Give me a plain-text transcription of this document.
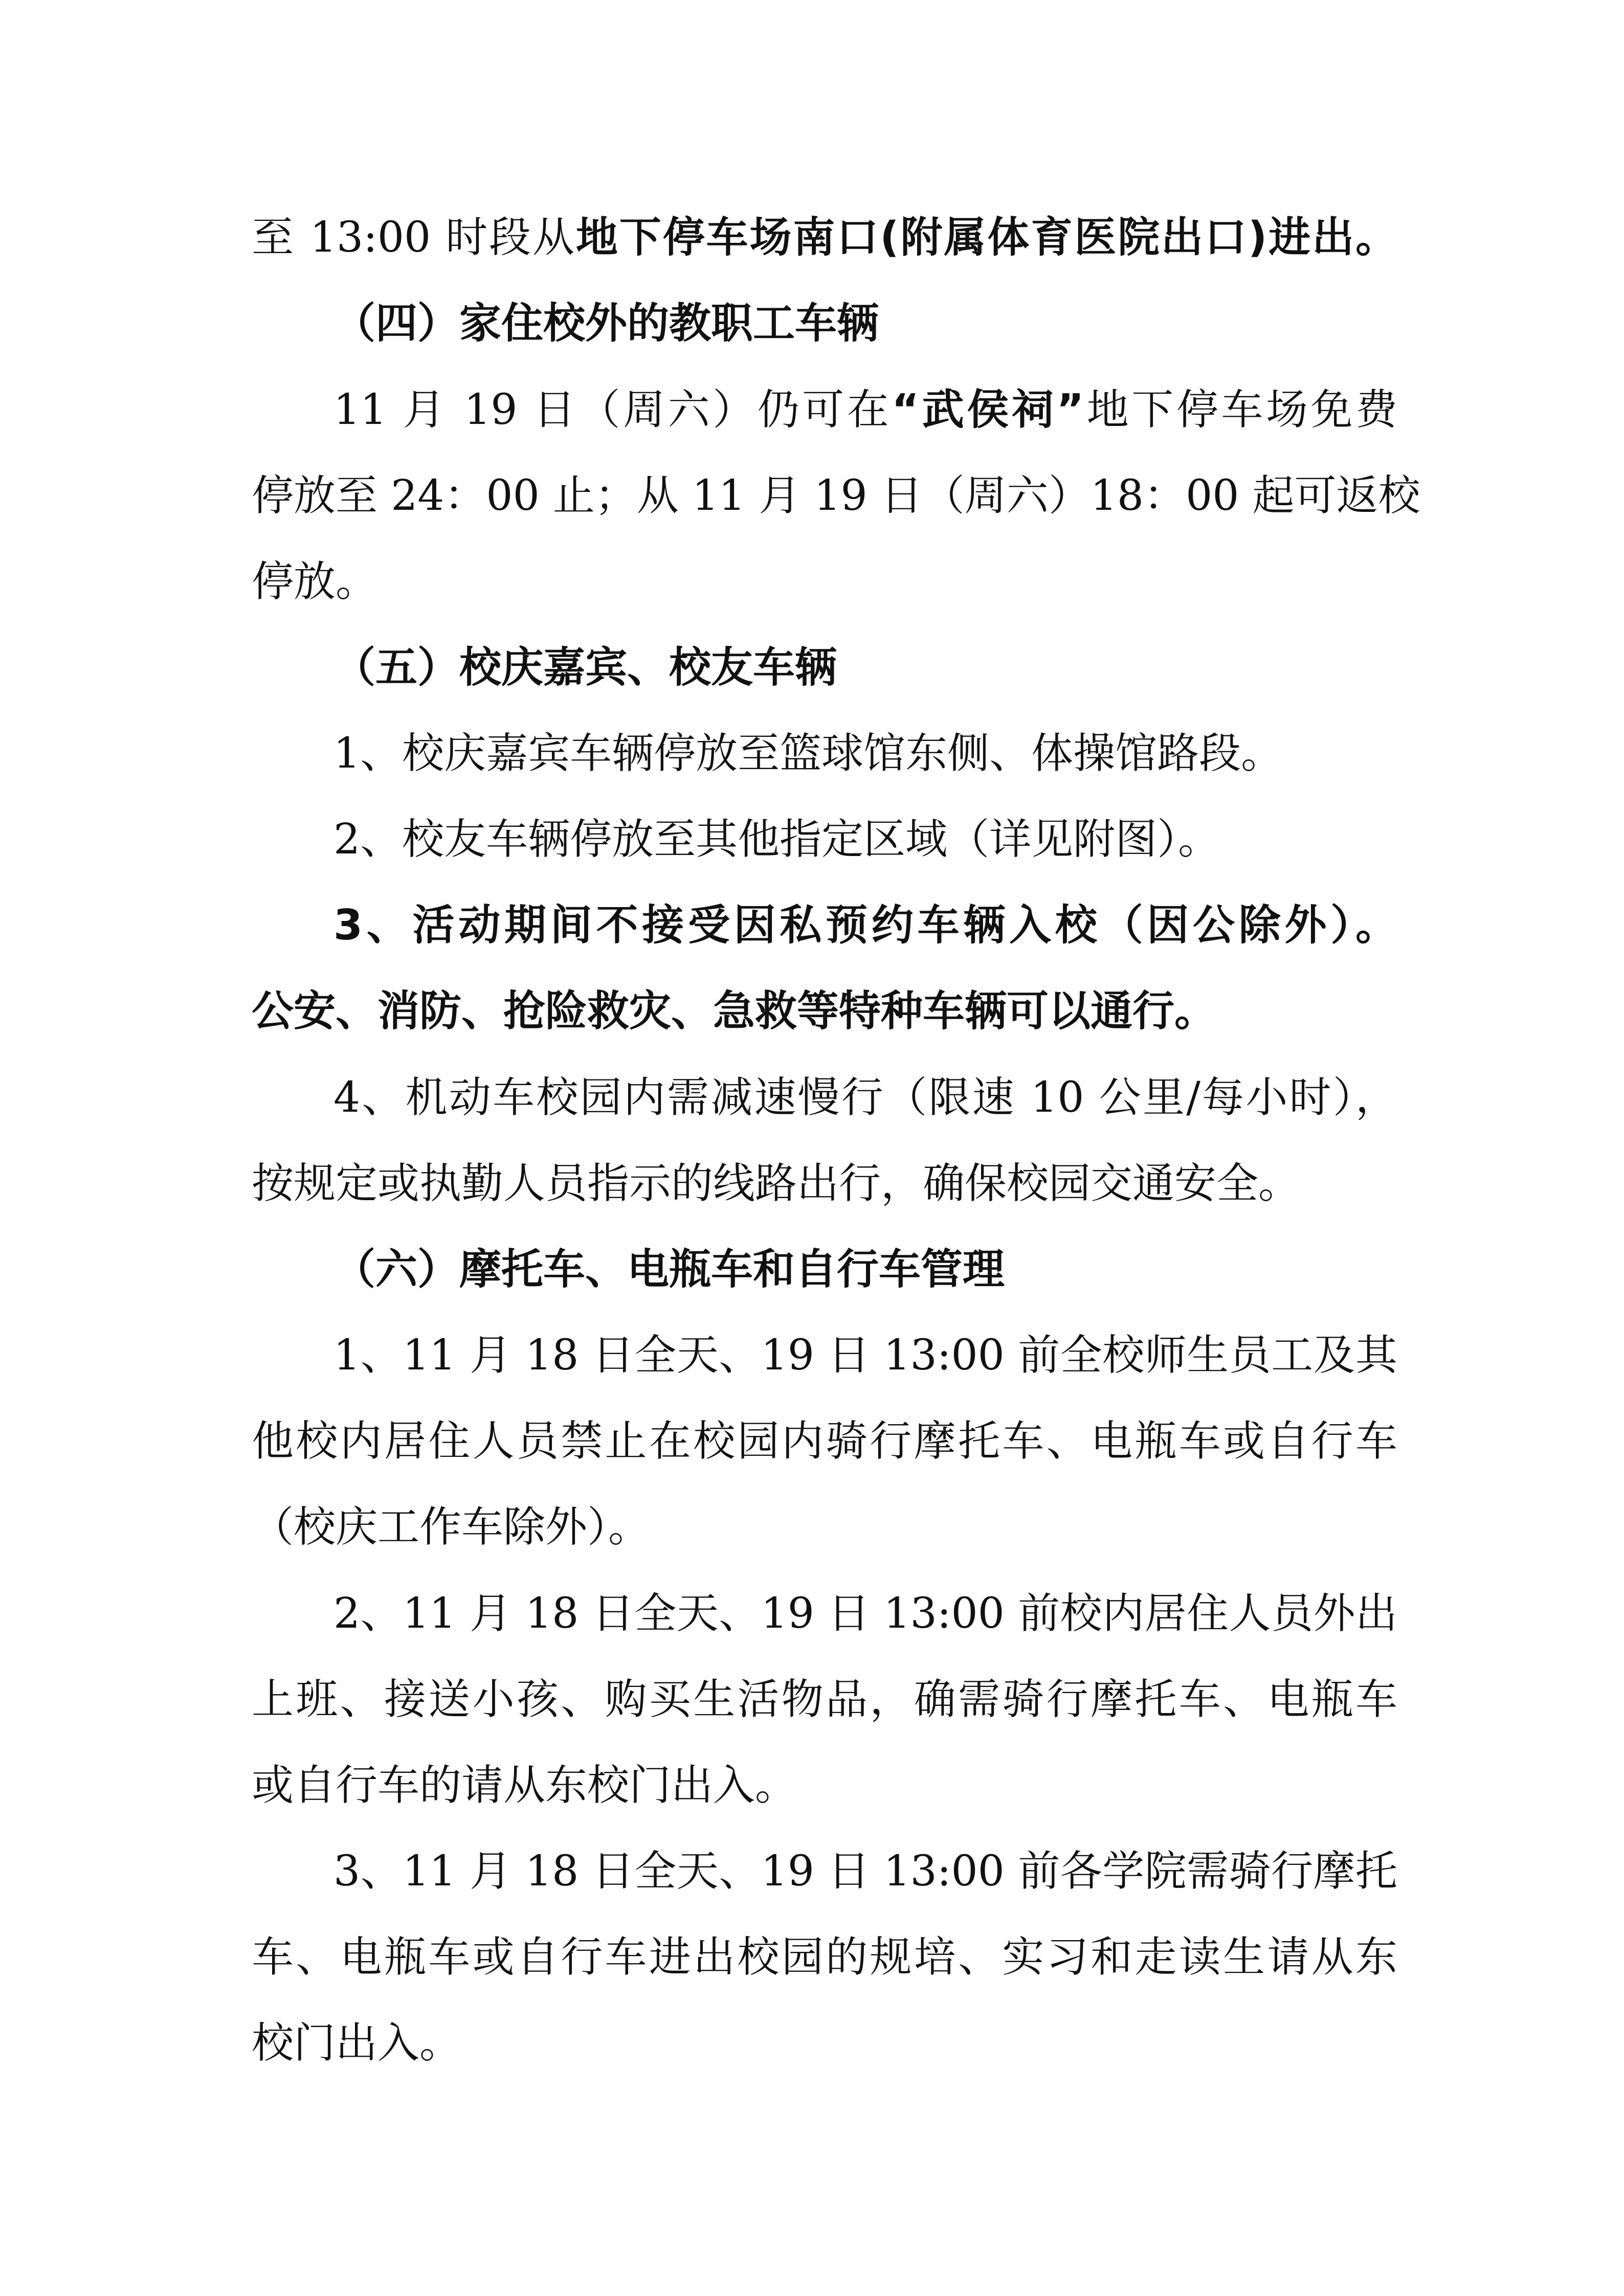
至 13:00 时段从地下停车场南口(附属体育医院出口)进出。
（四）家住校外的教职工车辆
11 月 19 日（周六）仍可在“武侯祠”地下停车场免费
停放至 24：00 止；从 11 月 19 日（周六）18：00 起可返校
停放。
（五）校庆嘉宾、校友车辆
1、校庆嘉宾车辆停放至篮球馆东侧、体操馆路段。
2、校友车辆停放至其他指定区域（详见附图）。
3、活动期间不接受因私预约车辆入校（因公除外）。
公安、消防、抢险救灾、急救等特种车辆可以通行。
4、机动车校园内需减速慢行（限速 10 公里/每小时），
按规定或执勤人员指示的线路出行，确保校园交通安全。
（六）摩托车、电瓶车和自行车管理
1、11 月 18 日全天、19 日 13:00 前全校师生员工及其
他校内居住人员禁止在校园内骑行摩托车、电瓶车或自行车
（校庆工作车除外）。
2、11 月 18 日全天、19 日 13:00 前校内居住人员外出
上班、接送小孩、购买生活物品，确需骑行摩托车、电瓶车
或自行车的请从东校门出入。
3、11 月 18 日全天、19 日 13:00 前各学院需骑行摩托
车、电瓶车或自行车进出校园的规培、实习和走读生请从东
校门出入。
